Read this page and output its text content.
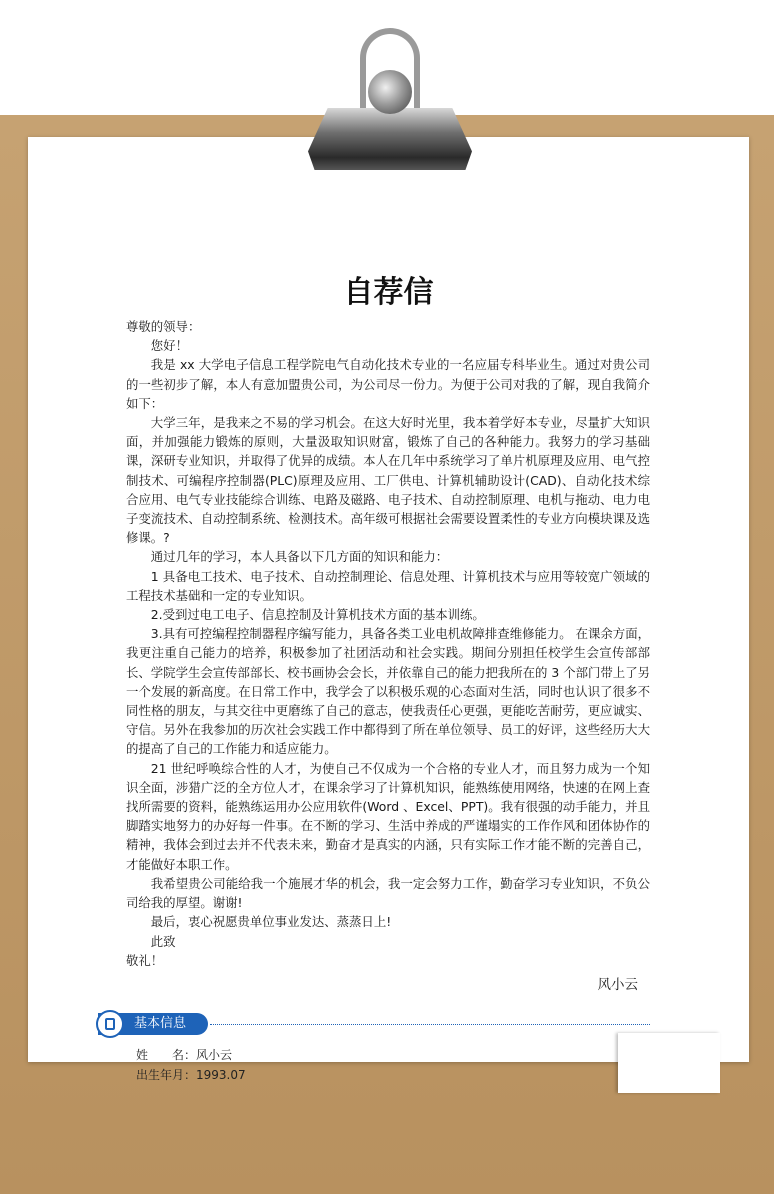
自荐信

尊敬的领导：

您好！

我是 xx 大学电子信息工程学院电气自动化技术专业的一名应届专科毕业生。通过对贵公司的一些初步了解，本人有意加盟贵公司，为公司尽一份力。为便于公司对我的了解，现自我简介如下：

大学三年，是我来之不易的学习机会。在这大好时光里，我本着学好本专业，尽量扩大知识面，并加强能力锻炼的原则，大量汲取知识财富，锻炼了自己的各种能力。我努力的学习基础课，深研专业知识，并取得了优异的成绩。本人在几年中系统学习了单片机原理及应用、电气控制技术、可编程序控制器(PLC)原理及应用、工厂供电、计算机辅助设计(CAD)、自动化技术综合应用、电气专业技能综合训练、电路及磁路、电子技术、自动控制原理、电机与拖动、电力电子变流技术、自动控制系统、检测技术。高年级可根据社会需要设置柔性的专业方向模块课及选修课。?

通过几年的学习，本人具备以下几方面的知识和能力：

1 具备电工技术、电子技术、自动控制理论、信息处理、计算机技术与应用等较宽广领域的工程技术基础和一定的专业知识。

2.受到过电工电子、信息控制及计算机技术方面的基本训练。

3.具有可控编程控制器程序编写能力，具备各类工业电机故障排查维修能力。 在课余方面，我更注重自己能力的培养，积极参加了社团活动和社会实践。期间分别担任校学生会宣传部部长、学院学生会宣传部部长、校书画协会会长，并依靠自己的能力把我所在的 3 个部门带上了另一个发展的新高度。在日常工作中，我学会了以积极乐观的心态面对生活，同时也认识了很多不同性格的朋友，与其交往中更磨练了自己的意志，使我责任心更强，更能吃苦耐劳，更应诚实、守信。另外在我参加的历次社会实践工作中都得到了所在单位领导、员工的好评，这些经历大大的提高了自己的工作能力和适应能力。

21 世纪呼唤综合性的人才，为使自己不仅成为一个合格的专业人才，而且努力成为一个知识全面，涉猎广泛的全方位人才，在课余学习了计算机知识，能熟练使用网络，快速的在网上查找所需要的资料，能熟练运用办公应用软件(Word 、Excel、PPT)。我有很强的动手能力，并且脚踏实地努力的办好每一件事。在不断的学习、生活中养成的严谨塌实的工作作风和团体协作的精神，我体会到过去并不代表未来，勤奋才是真实的内涵，只有实际工作才能不断的完善自己，才能做好本职工作。

我希望贵公司能给我一个施展才华的机会，我一定会努力工作，勤奋学习专业知识，不负公司给我的厚望。谢谢!

最后，衷心祝愿贵单位事业发达、蒸蒸日上!

此致

敬礼！

风小云

基本信息
姓　　名：风小云
出生年月：1993.07
